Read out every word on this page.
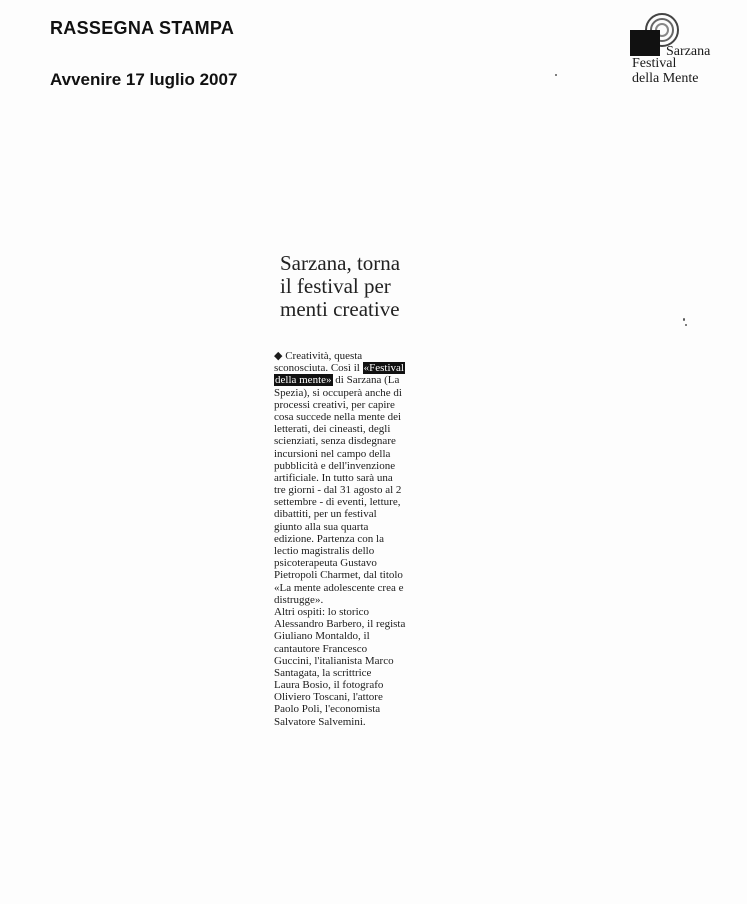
RASSEGNA STAMPA
Avvenire 17 luglio 2007
Sarzana
Festival
della Mente
Sarzana, torna
il festival per
menti creative
◆ Creatività, questa
sconosciuta. Così il «Festival
della mente» di Sarzana (La
Spezia), si occuperà anche di
processi creativi, per capire
cosa succede nella mente dei
letterati, dei cineasti, degli
scienziati, senza disdegnare
incursioni nel campo della
pubblicità e dell'invenzione
artificiale. In tutto sarà una
tre giorni - dal 31 agosto al 2
settembre - di eventi, letture,
dibattiti, per un festival
giunto alla sua quarta
edizione. Partenza con la
lectio magistralis dello
psicoterapeuta Gustavo
Pietropoli Charmet, dal titolo
«La mente adolescente crea e
distrugge».
Altri ospiti: lo storico
Alessandro Barbero, il regista
Giuliano Montaldo, il
cantautore Francesco
Guccini, l'italianista Marco
Santagata, la scrittrice
Laura Bosio, il fotografo
Oliviero Toscani, l'attore
Paolo Poli, l'economista
Salvatore Salvemini.
